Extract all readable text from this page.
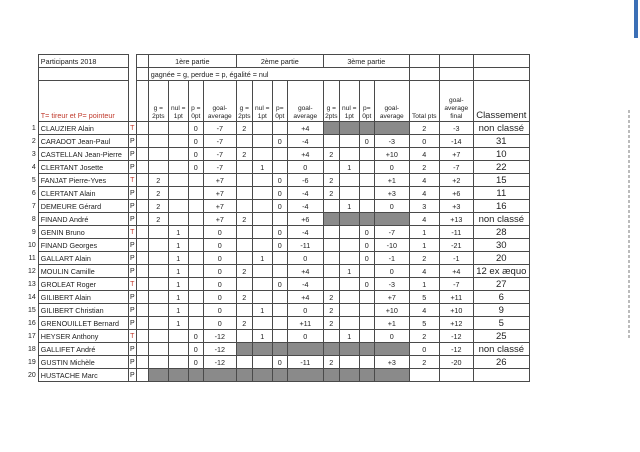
	Participants 2018			1ère partie				2ème partie				3ème partie						
				gagnée = g, perdue = p, égalité = nul														
	T= tireur et P= pointeur			g = 2pts	nul = 1pt	p = 0pt	goal-average	g = 2pts	nul = 1pt	p= 0pt	goal-average	g = 2pts	nul = 1pt	p= 0pt	goal-average	Total pts	goal-average final	Classement
1	CLAUZIER Alain	T				0	-7	2			+4					2	-3	non classé
2	CARADOT Jean-Paul	P				0	-7			0	-4			0	-3	0	-14	31
3	CASTELLAN Jean-Pierre	P				0	-7	2			+4	2			+10	4	+7	10
4	CLERTANT Josette	P				0	-7		1		0		1		0	2	-7	22
5	FANJAT Pierre-Yves	T		2			+7			0	-6	2			+1	4	+2	15
6	CLERTANT Alain	P		2			+7			0	-4	2			+3	4	+6	11
7	DEMEURE Gérard	P		2			+7			0	-4		1		0	3	+3	16
8	FINAND André	P		2			+7	2			+6					4	+13	non classé
9	GENIN Bruno	T			1		0			0	-4			0	-7	1	-11	28
10	FINAND Georges	P			1		0			0	-11			0	-10	1	-21	30
11	GALLART Alain	P			1		0		1		0			0	-1	2	-1	20
12	MOULIN Camille	P			1		0	2			+4		1		0	4	+4	12 ex æquo
13	GROLEAT Roger	T			1		0			0	-4			0	-3	1	-7	27
14	GILIBERT Alain	P			1		0	2			+4	2			+7	5	+11	6
15	GILIBERT Christian	P			1		0		1		0	2			+10	4	+10	9
16	GRENOUILLET Bernard	P			1		0	2			+11	2			+1	5	+12	5
17	HEYSER Anthony	T				0	-12		1		0		1		0	2	-12	25
18	GALLIFET André	P				0	-12									0	-12	non classé
19	GUSTIN Michèle	P				0	-12			0	-11	2			+3	2	-20	26
20	HUSTACHE Marc	P																
